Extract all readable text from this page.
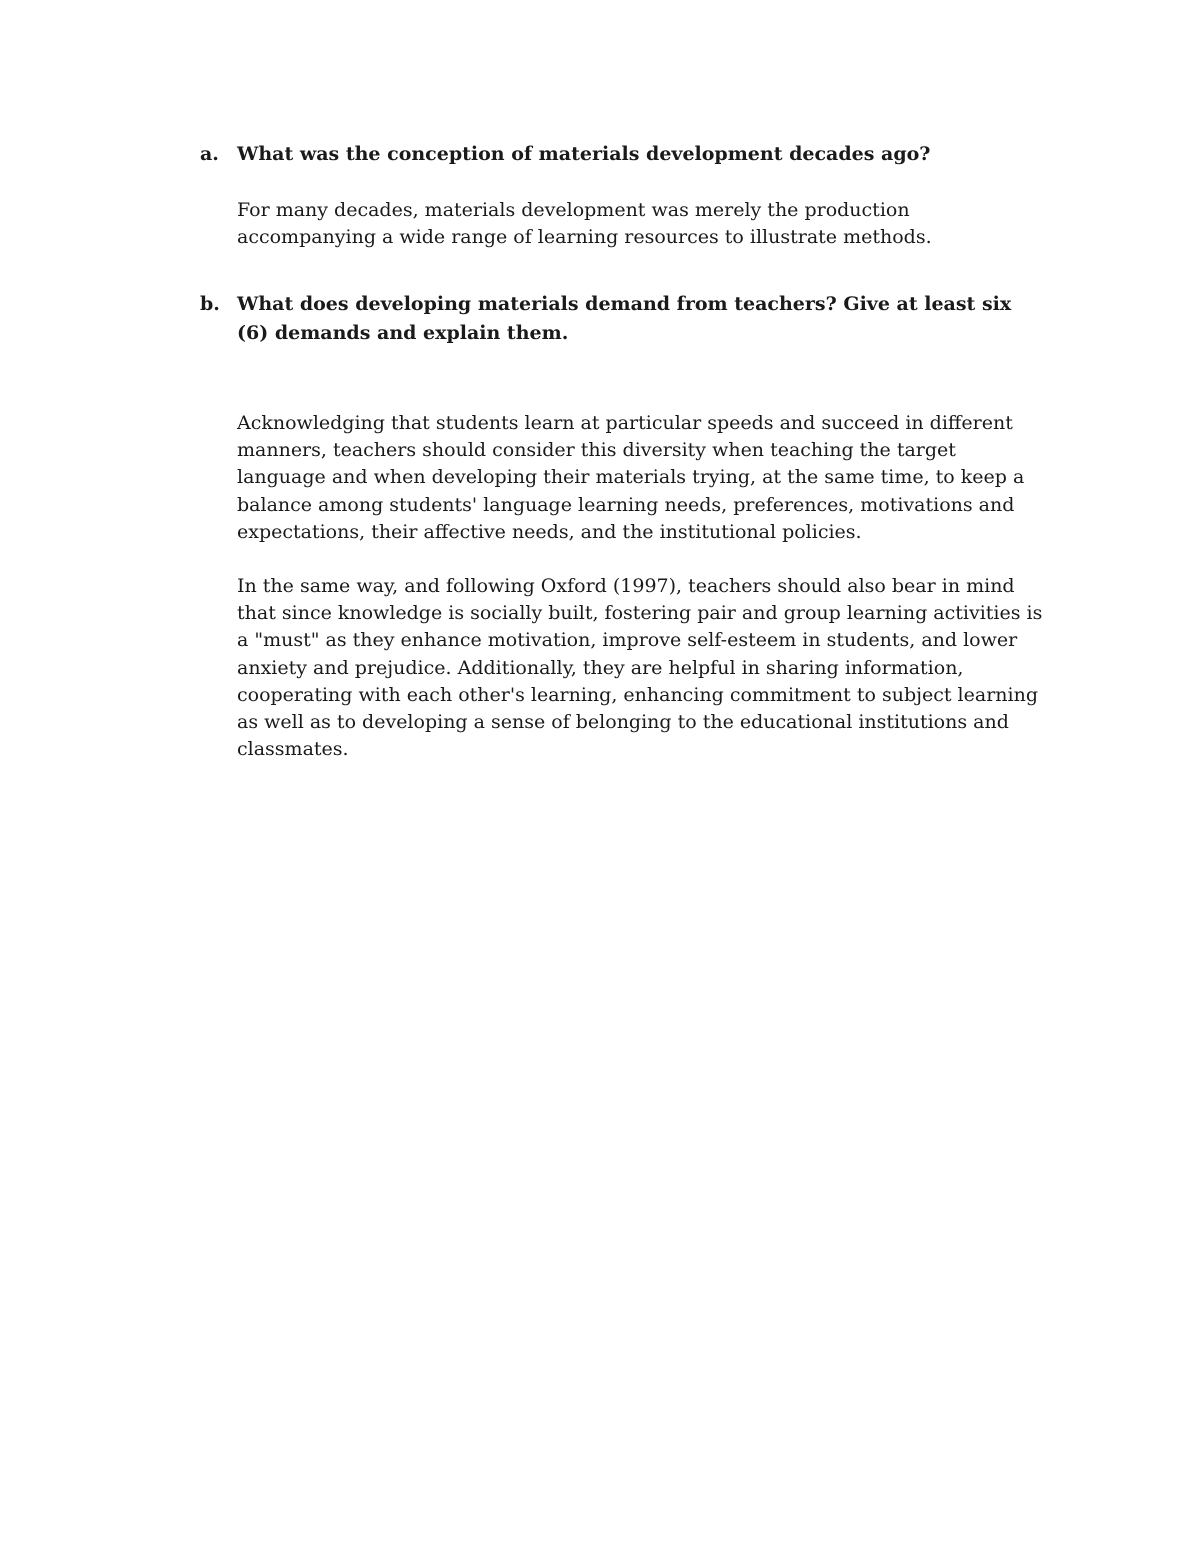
a. What was the conception of materials development decades ago?

For many decades, materials development was merely the production accompanying a wide range of learning resources to illustrate methods.

b. What does developing materials demand from teachers? Give at least six (6) demands and explain them.

Acknowledging that students learn at particular speeds and succeed in different manners, teachers should consider this diversity when teaching the target language and when developing their materials trying, at the same time, to keep a balance among students' language learning needs, preferences, motivations and expectations, their affective needs, and the institutional policies.

In the same way, and following Oxford (1997), teachers should also bear in mind that since knowledge is socially built, fostering pair and group learning activities is a "must" as they enhance motivation, improve self-esteem in students, and lower anxiety and prejudice. Additionally, they are helpful in sharing information, cooperating with each other's learning, enhancing commitment to subject learning as well as to developing a sense of belonging to the educational institutions and classmates.
